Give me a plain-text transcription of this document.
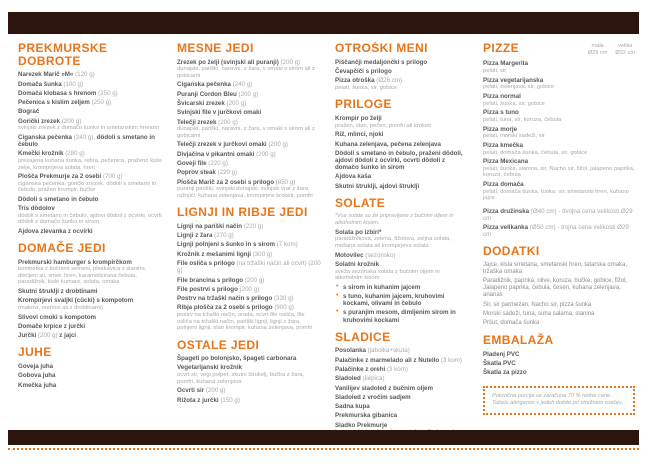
PREKMURSKE DOBROTE
Narezek Marič »M« (120 g)
Domača šunka (100 g)
Domača klobasa s hrenom (250 g)
Pečenica s kislim zeljem (250 g)
Bograč
Gorički zrezek (200 g)
svinjski zrezek z domačo šunko in smetanskim hrenom
Ciganska pečenka (240 g), dödoli s smetano in čebulo
Kmečki krožnik (280 g)
prekajena kuhana šunka, rebra, pečenica, praženo kislo zelje, krompirjeva solata, hren
Plošča Prekmurje za 2 osebi (700 g)
ciganska pečenka, gorički zrezek, dödoli s smetano in čebulo, pražen krompir, bučke
Dödoli s smetano in čebulo
Tris dödolov
dödoli s smetano in čebulo, ajdovi dödoli z ocvirki, ocvrti dödoli z domačo šunko in sirom
Ajdova zlevanka z ocvirki
DOMAČE JEDI
Prekmurski hamburger s krompirčkom
bombetka z bučnimi semeni, pleskavica s slanino, dimljeni sir, smet. hren, karamelizirana čebula, paradižnik, kisle kumare, solata, omaka
Skutni štruklji z drobtinami
Krompirjevi svaljki (cücki) s kompotom
(makovi, orehovi ali z drobtinami)
Slivovi cmoki s kompotom
Domače krpice z jurčki
Jurčki (200 g) z jajci
JUHE
Goveja juha
Gobova juha
Kmečka juha
MESNE JEDI
Zrezek po želji (svinjski ali puranji) (200 g)
dunajski, pariški, naravni, z žara, v omaki s sirom ali z gobicami
Ciganska pečenka (240 g)
Puranji Cordon Bleu (200 g)
Švicarski zrezek (200 g)
Svinjski file v jurčkovi omaki
Telečji zrezek (200 g)
dunajski, pariški, naravni, z žara, v omaki s sirom ali z gobicami
Telečji zrezek v jurčkovi omaki (200 g)
Divjačina v pikantni omaki (200 g)
Goveji file (220 g)
Poprov steak (220 g)
Plošča Marič za 2 osebi s prilogo (850 g)
puranji pariški, svinjski dunajski, svinjski vrat z žara, ražnjiči, kuhana zelenjava, krompirjevi kroketi, pomfri
LIGNJI IN RIBJE JEDI
Lignji na pariški način (220 g)
Lignji z žara (270 g)
Lignji polnjeni s šunko in s sirom (7 kom)
Krožnik z mešanimi lignji (300 g)
File osliča s prilogo (na tržaški način ali ocvrt) (200 g)
File brancina s prilogo (200 g)
File postrvi s prilogo (200 g)
Postrv na tržaški način s prilogo (330 g)
Ribja plošča za 2 osebi s prilogo (900 g)
postrv na tržaški način, orada, ocvrt file osliča, file osliča na tržaški način, pariški lignji, lignji z žara, polnjeni lignji, slan krompir, kuhana zelenjava, pomfri
OSTALE JEDI
Špageti po bolonjsko, špageti carbonara
Vegetarijanski krožnik
ocvrt sir, vegi polpet, skutni štrukelj, bučka z žara, pomfri, kuhana zelenjava
Ocvrti sir (200 g)
Rižota z jurčki (150 g)
OTROŠKI MENI
Piščančji medaljončki s prilogo
Čevapčiči s prilogo
Pizza otroška (Ø26 cm)
pelati, šunka, sir, gobice
PRILOGE
Krompir po želji
pražen, slan, pečen, pomfri ali kroketi
Riž, mlinci, njoki
Kuhana zelenjava, pečena zelenjava
Dödoli s smetano in čebulo, praženi dödoli, ajdovi dödoli z ocvirki, ocvrti dödoli z domačo šunko in sirom
Ajdova kaša
Skutni štruklji, ajdovi štruklji
SOLATE
*Vse solate so že pripravljene z bučnim oljem in alkoholnim kisom.
Solata po izbiri*
paradižnikova, zelena, fižolova, zeljna solata, mešana solata ali krompirjeva solata
Motovilec (sezonsko)
Solatni krožnik
sveža sezonska solata z bučnim oljem in alkoholnim kisom
• s sirom in kuhanim jajcem
• s tuno, kuhanim jajcem, kruhovimi kockami, olivami in čebulo
• s puranjim mesom, dimljenim sirom in kruhovimi kockami
SLADICE
Posolanka (jabolka+skuta)
Palačinke z marmelado ali z Nutello (3 kom)
Palačinke z orehi (3 kom)
Sladoled (kepica)
Vanilijev sladoled z bučnim oljem
Sladoled z vročim sadjem
Sadna kupa
Prekmurska gibanica
Sladko Prekmurje
PIZZE	mala
Ø29 cm
velika
Ø32 cm
Pizza Margerita
pelati, sir
Pizza vegetarijanska
pelati, zelenjava, sir, gobice
Pizza normal
pelati, šunka, sir, gobice
Pizza s tuno
pelati, tuna, sir, koruza, čebula
Pizza morje
pelati, morski sadeži, sir
Pizza kmečka
pelati, domača šunka, čebula, sir, gobice
Pizza Mexicana
pelati, šunka, slanina, sir, Nacho sir, fižol, jalapeno paprika, koruza, čebula
Pizza domača
pelati, domača šunka, tünka, sir, smetanski hren, kuhano jajce
Pizza družinska (Ø40 cm) - dvojna cena velikosti Ø29 cm
Pizza velikanka (Ø50 cm) - trojna cena velikosti Ø29 cm
DODATKI
Jajce, kisla smetana, smetanski hren, tatarska omaka, tržaška omaka
Paradižnik, paprika, olive, koruza, bučke, gobice, fižol, Jalapeno paprika, čebula, česen, kuhana zelenjava, ananas
Sir, sir parmezan, Nacho sir, pizza šunka
Morski sadeži, tuna, suha salama, slanina
Pršut, domača šunka
EMBALAŽA
Pladenj PVC
Škatla PVC
Škatla za pizzo
Polovična porcija se zaračuna 70 % redne cene.
Tabelo alergenov v jedeh dobite pri strežnem osebju.
